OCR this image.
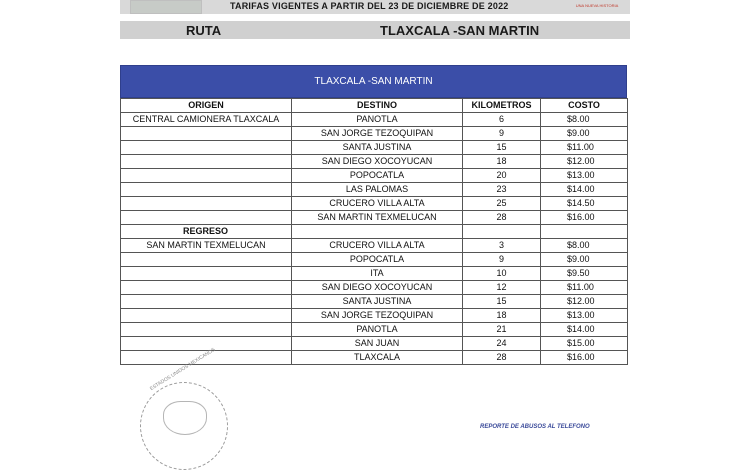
TARIFAS VIGENTES A PARTIR DEL 23 DE DICIEMBRE DE 2022	UNA NUEVA HISTORIA
RUTA	TLAXCALA -SAN MARTIN
TLAXCALA -SAN MARTIN
ORIGEN	DESTINO	KILOMETROS	COSTO
CENTRAL CAMIONERA TLAXCALA	PANOTLA	6	$8.00
	SAN JORGE TEZOQUIPAN	9	$9.00
	SANTA JUSTINA	15	$11.00
	SAN DIEGO XOCOYUCAN	18	$12.00
	POPOCATLA	20	$13.00
	LAS PALOMAS	23	$14.00
	CRUCERO VILLA ALTA	25	$14.50
	SAN MARTIN TEXMELUCAN	28	$16.00
REGRESO			
SAN MARTIN TEXMELUCAN	CRUCERO VILLA ALTA	3	$8.00
	POPOCATLA	9	$9.00
	ITA	10	$9.50
	SAN DIEGO XOCOYUCAN	12	$11.00
	SANTA JUSTINA	15	$12.00
	SAN JORGE TEZOQUIPAN	18	$13.00
	PANOTLA	21	$14.00
	SAN JUAN	24	$15.00
	TLAXCALA	28	$16.00
ESTADOS UNIDOS MEXICANOS
REPORTE DE ABUSOS AL TELEFONO
